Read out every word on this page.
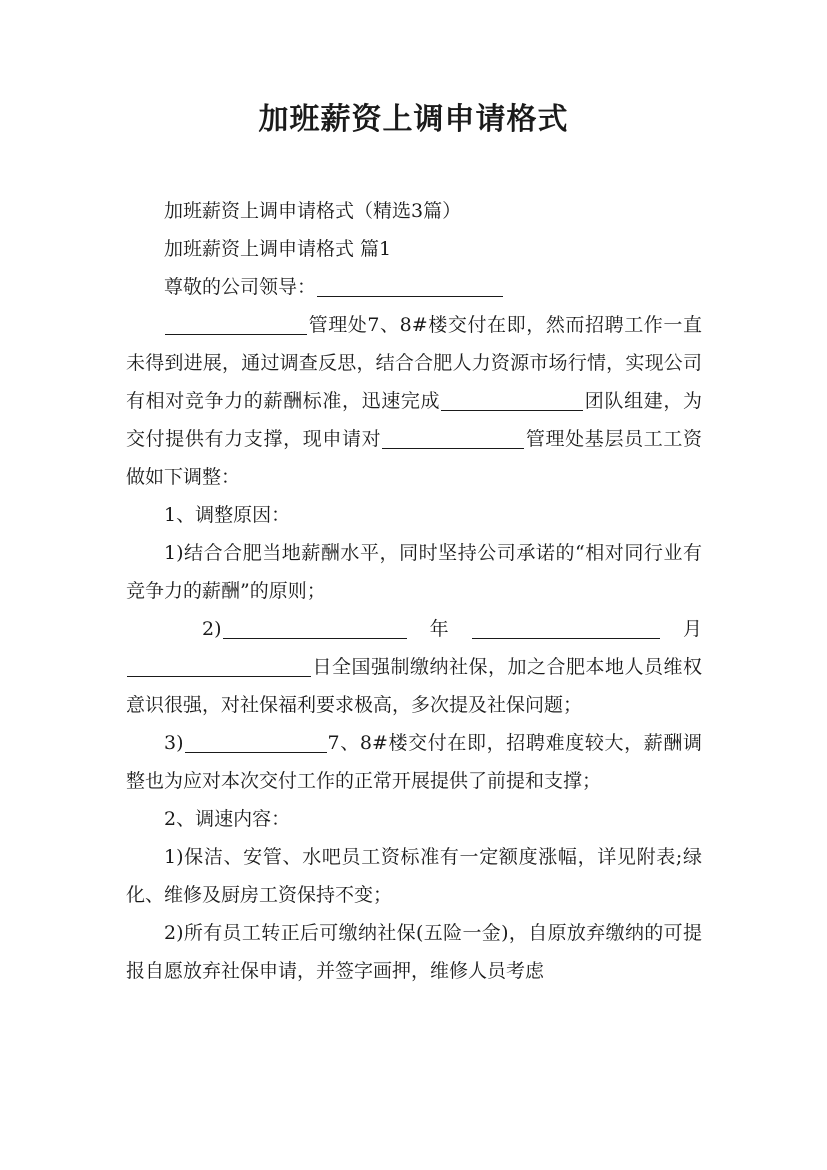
加班薪资上调申请格式

加班薪资上调申请格式（精选3篇）

加班薪资上调申请格式 篇1

尊敬的公司领导：

管理处7、8#楼交付在即，然而招聘工作一直未得到进展，通过调查反思，结合合肥人力资源市场行情，实现公司有相对竞争力的薪酬标准，迅速完成	团队组建，为交付提供有力支撑，现申请对	管理处基层员工工资做如下调整：

1、调整原因：

1)结合合肥当地薪酬水平，同时坚持公司承诺的“相对同行业有竞争力的薪酬”的原则；

2)	年	月日全国强制缴纳社保，加之合肥本地人员维权意识很强，对社保福利要求极高，多次提及社保问题；

3)	7、8#楼交付在即，招聘难度较大，薪酬调整也为应对本次交付工作的正常开展提供了前提和支撑；

2、调速内容：

1)保洁、安管、水吧员工资标准有一定额度涨幅，详见附表;绿化、维修及厨房工资保持不变；

2)所有员工转正后可缴纳社保(五险一金)，自原放弃缴纳的可提报自愿放弃社保申请，并签字画押，维修人员考虑
